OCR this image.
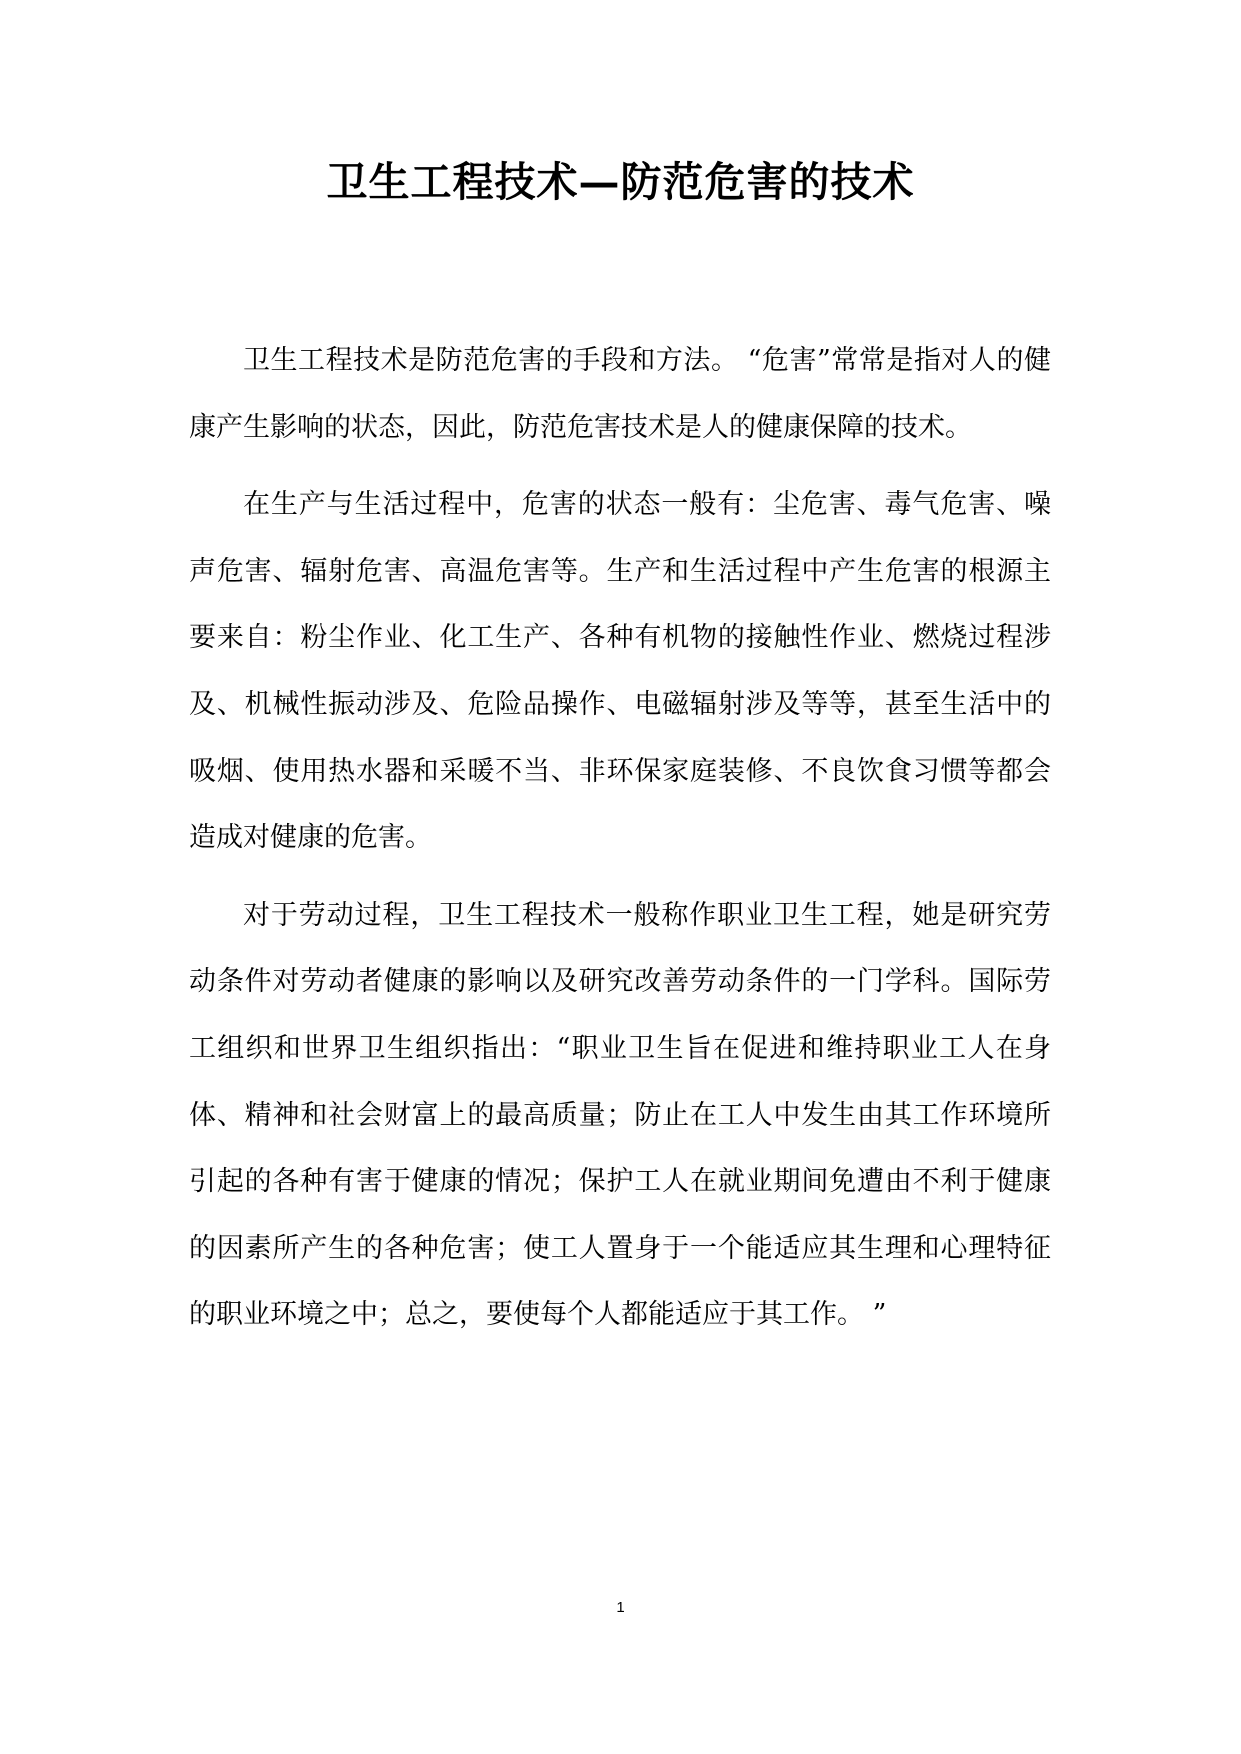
卫生工程技术—防范危害的技术

卫生工程技术是防范危害的手段和方法。 “危害”常常是指对人的健康产生影响的状态，因此，防范危害技术是人的健康保障的技术。

在生产与生活过程中，危害的状态一般有：尘危害、毒气危害、噪声危害、辐射危害、高温危害等。生产和生活过程中产生危害的根源主要来自：粉尘作业、化工生产、各种有机物的接触性作业、燃烧过程涉及、机械性振动涉及、危险品操作、电磁辐射涉及等等，甚至生活中的吸烟、使用热水器和采暖不当、非环保家庭装修、不良饮食习惯等都会造成对健康的危害。

对于劳动过程，卫生工程技术一般称作职业卫生工程，她是研究劳动条件对劳动者健康的影响以及研究改善劳动条件的一门学科。国际劳工组织和世界卫生组织指出：“职业卫生旨在促进和维持职业工人在身体、精神和社会财富上的最高质量；防止在工人中发生由其工作环境所引起的各种有害于健康的情况；保护工人在就业期间免遭由不利于健康的因素所产生的各种危害；使工人置身于一个能适应其生理和心理特征的职业环境之中；总之，要使每个人都能适应于其工作。 ”

1
